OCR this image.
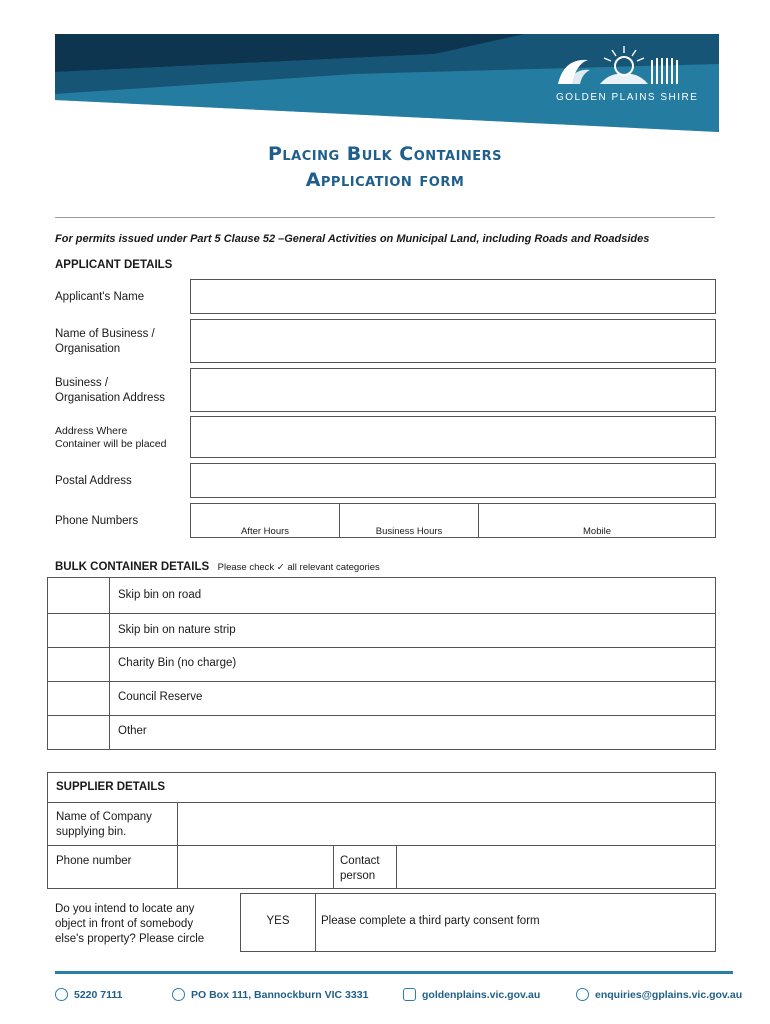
GOLDEN PLAINS SHIRE
Placing Bulk Containers
Application form
For permits issued under Part 5 Clause 52 –General Activities on Municipal Land, including Roads and Roadsides
APPLICANT DETAILS
Applicant's Name
Name of Business /
Organisation
Business /
Organisation Address
Address Where
Container will be placed
Postal Address
Phone Numbers
After Hours	Business Hours	Mobile
BULK CONTAINER DETAILS Please check ✓ all relevant categories
Skip bin on road
Skip bin on nature strip
Charity Bin (no charge)
Council Reserve
Other
SUPPLIER DETAILS
Name of Company
supplying bin.
Phone number	Contact
person
Do you intend to locate any
object in front of somebody
else's property? Please circle
YES	Please complete a third party consent form
5220 7111	PO Box 111, Bannockburn VIC 3331	goldenplains.vic.gov.au	enquiries@gplains.vic.gov.au
